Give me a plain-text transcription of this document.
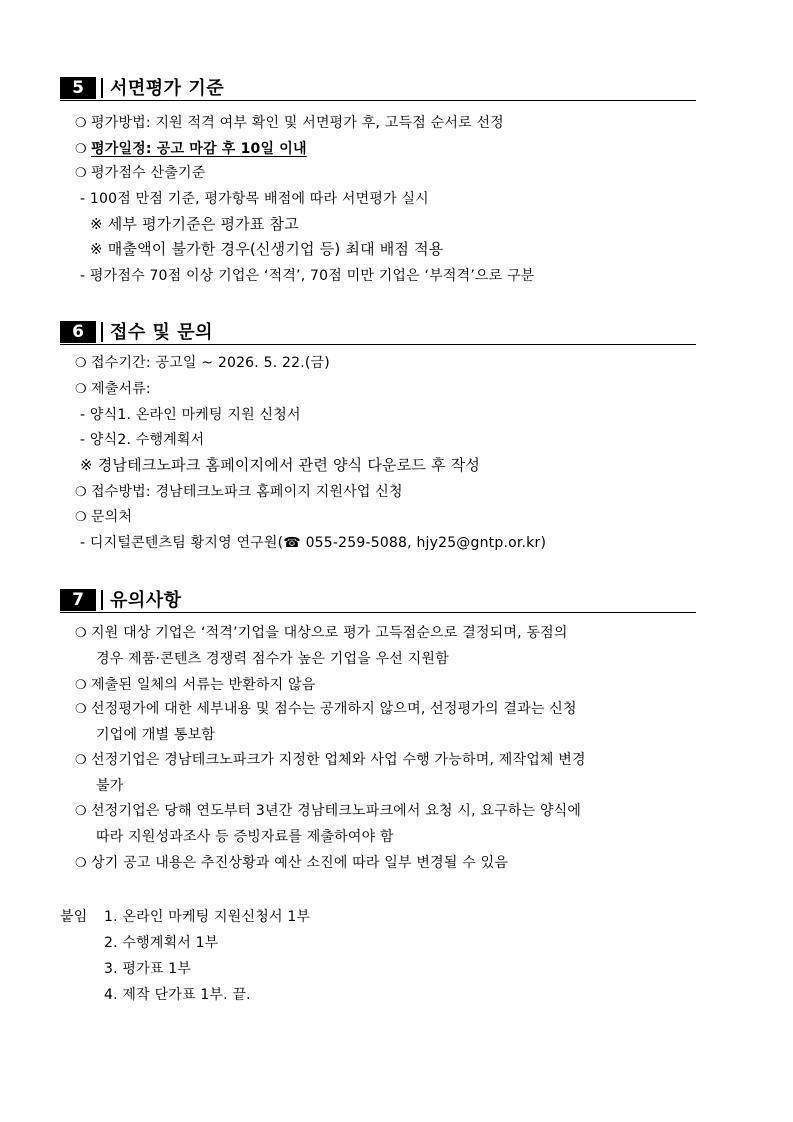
5	서면평가 기준
❍ 평가방법: 지원 적격 여부 확인 및 서면평가 후, 고득점 순서로 선정
❍ 평가일정: 공고 마감 후 10일 이내
❍ 평가점수 산출기준
- 100점 만점 기준, 평가항목 배점에 따라 서면평가 실시
※ 세부 평가기준은 평가표 참고
※ 매출액이 불가한 경우(신생기업 등) 최대 배점 적용
- 평가점수 70점 이상 기업은 ‘적격’, 70점 미만 기업은 ‘부적격’으로 구분
6	접수 및 문의
❍ 접수기간: 공고일 ~ 2026. 5. 22.(금)
❍ 제출서류:
- 양식1. 온라인 마케팅 지원 신청서
- 양식2. 수행계획서
※ 경남테크노파크 홈페이지에서 관련 양식 다운로드 후 작성
❍ 접수방법: 경남테크노파크 홈페이지 지원사업 신청
❍ 문의처
- 디지털콘텐츠팀 황지영 연구원(☎ 055-259-5088, hjy25@gntp.or.kr)
7	유의사항
❍ 지원 대상 기업은 ‘적격’기업을 대상으로 평가 고득점순으로 결정되며, 동점의
경우 제품·콘텐츠 경쟁력 점수가 높은 기업을 우선 지원함
❍ 제출된 일체의 서류는 반환하지 않음
❍ 선정평가에 대한 세부내용 및 점수는 공개하지 않으며, 선정평가의 결과는 신청
기업에 개별 통보함
❍ 선정기업은 경남테크노파크가 지정한 업체와 사업 수행 가능하며, 제작업체 변경
불가
❍ 선정기업은 당해 연도부터 3년간 경남테크노파크에서 요청 시, 요구하는 양식에
따라 지원성과조사 등 증빙자료를 제출하여야 함
❍ 상기 공고 내용은 추진상황과 예산 소진에 따라 일부 변경될 수 있음
붙임 1. 온라인 마케팅 지원신청서 1부
2. 수행계획서 1부
3. 평가표 1부
4. 제작 단가표 1부. 끝.
